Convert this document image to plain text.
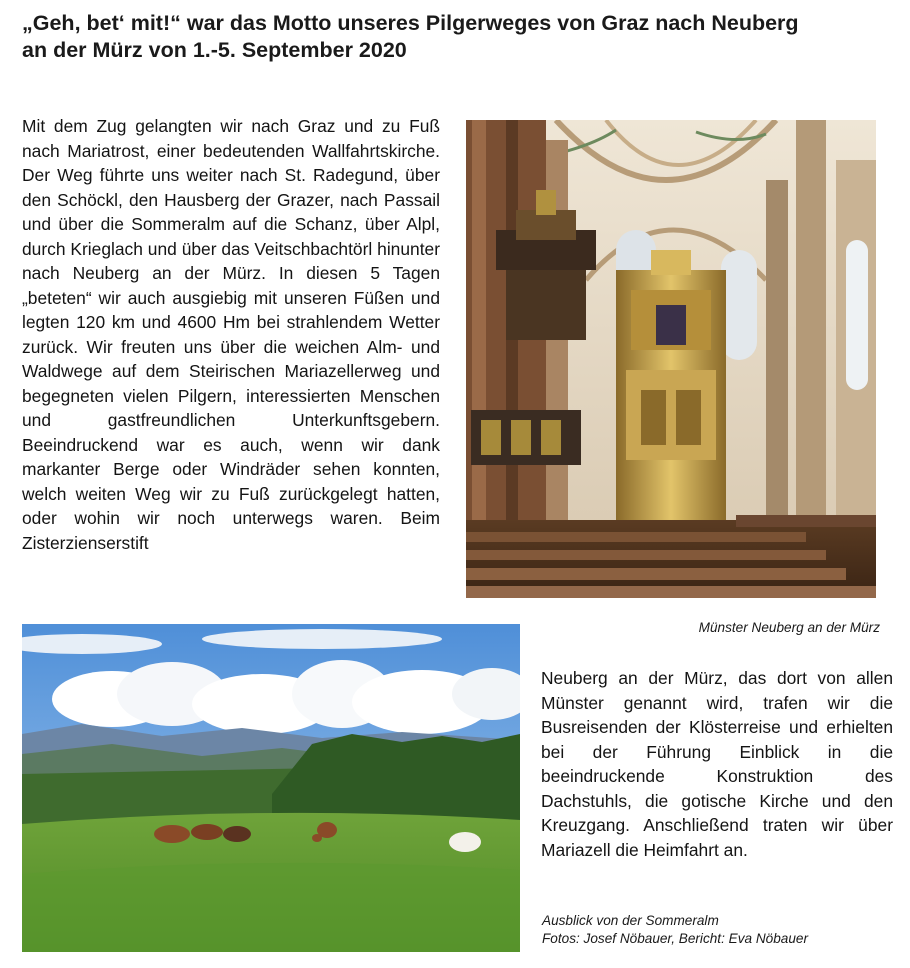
„Geh, bet‘ mit!“ war das Motto unseres Pilgerweges von Graz nach Neuberg
an der Mürz von 1.-5. September 2020
Mit dem Zug gelangten wir nach Graz und zu Fuß nach Mariatrost, einer bedeutenden Wallfahrtskirche. Der Weg führte uns weiter nach St. Radegund, über den Schöckl, den Hausberg der Grazer, nach Passail und über die Sommeralm auf die Schanz, über Alpl, durch Krieglach und über das Veitschbachtörl hinunter nach Neuberg an der Mürz. In diesen 5 Tagen „beteten“ wir auch ausgiebig mit unseren Füßen und legten 120 km und 4600 Hm bei strahlendem Wetter zurück. Wir freuten uns über die weichen Alm- und Waldwege auf dem Steirischen Mariazellerweg und begegneten vielen Pilgern, interessierten Menschen und gastfreundlichen Unterkunftsgebern. Beeindruckend war es auch, wenn wir dank markanter Berge oder Windräder sehen konnten, welch weiten Weg wir zu Fuß zurückgelegt hatten, oder wohin wir noch unterwegs waren. Beim Zisterzienserstift
Münster Neuberg an der Mürz
Neuberg an der Mürz, das dort von allen Münster genannt wird, trafen wir die Busreisenden der Klösterreise und erhielten bei der Führung Einblick in die beeindruckende Konstruktion des Dachstuhls, die gotische Kirche und den Kreuzgang. Anschließend traten wir über Mariazell die Heimfahrt an.
Ausblick von der Sommeralm
Fotos: Josef Nöbauer, Bericht: Eva Nöbauer
